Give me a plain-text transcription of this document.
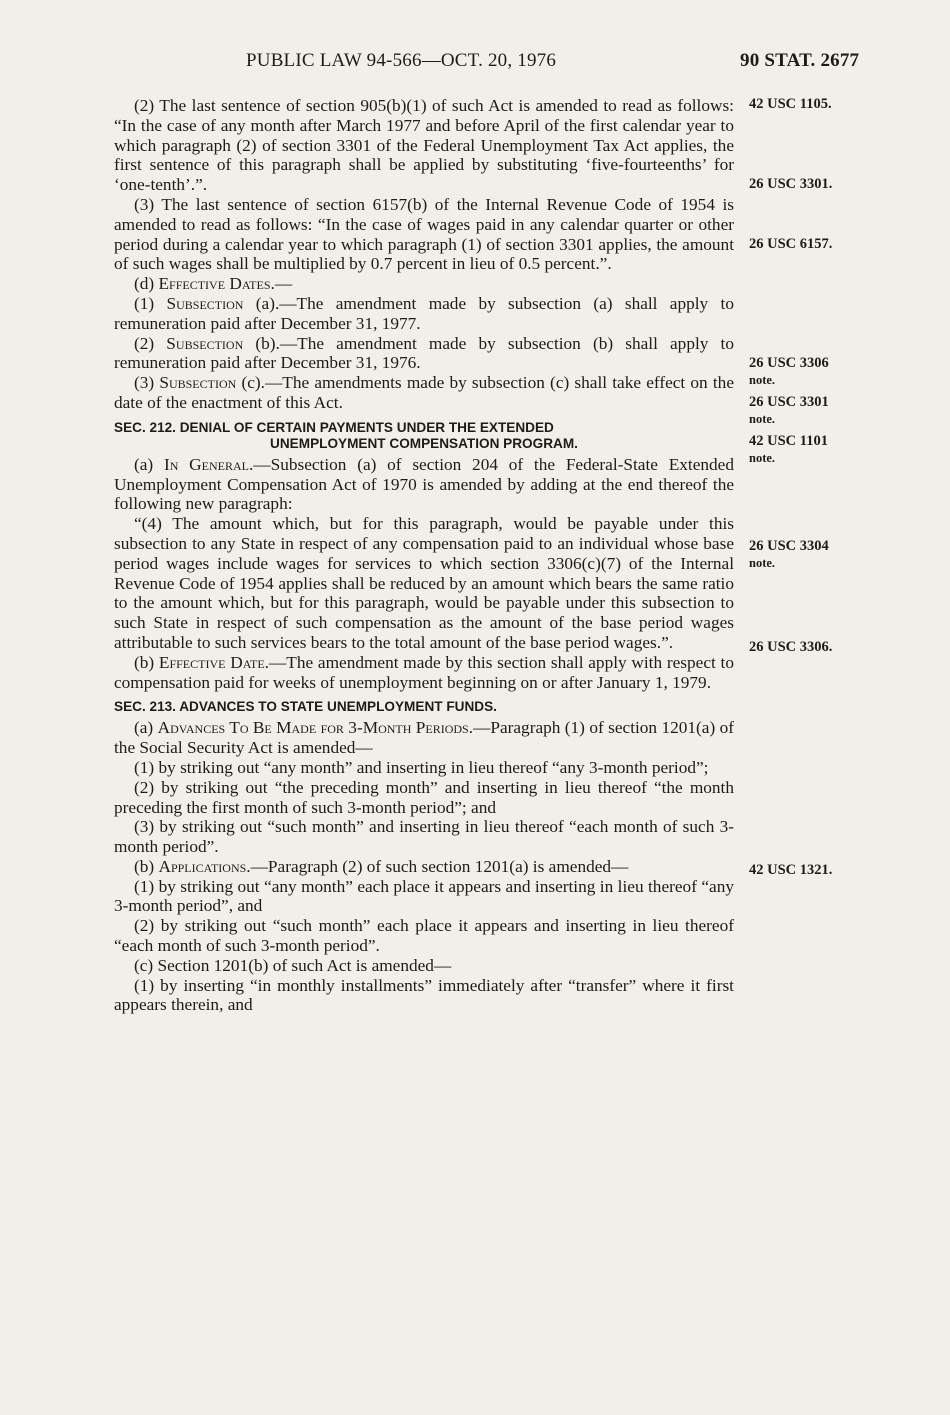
PUBLIC LAW 94-566—OCT. 20, 1976	90 STAT. 2677

(2) The last sentence of section 905(b)(1) of such Act is amended to read as follows: “In the case of any month after March 1977 and before April of the first calendar year to which paragraph (2) of section 3301 of the Federal Unemployment Tax Act applies, the first sentence of this paragraph shall be applied by substituting ‘five-fourteenths’ for ‘one-tenth’.”.

(3) The last sentence of section 6157(b) of the Internal Revenue Code of 1954 is amended to read as follows: “In the case of wages paid in any calendar quarter or other period during a calendar year to which paragraph (1) of section 3301 applies, the amount of such wages shall be multiplied by 0.7 percent in lieu of 0.5 percent.”.

(d) Effective Dates.—

(1) Subsection (a).—The amendment made by subsection (a) shall apply to remuneration paid after December 31, 1977.

(2) Subsection (b).—The amendment made by subsection (b) shall apply to remuneration paid after December 31, 1976.

(3) Subsection (c).—The amendments made by subsection (c) shall take effect on the date of the enactment of this Act.

SEC. 212. DENIAL OF CERTAIN PAYMENTS UNDER THE EXTENDED
UNEMPLOYMENT COMPENSATION PROGRAM.

(a) In General.—Subsection (a) of section 204 of the Federal-State Extended Unemployment Compensation Act of 1970 is amended by adding at the end thereof the following new paragraph:

“(4) The amount which, but for this paragraph, would be payable under this subsection to any State in respect of any compensation paid to an individual whose base period wages include wages for services to which section 3306(c)(7) of the Internal Revenue Code of 1954 applies shall be reduced by an amount which bears the same ratio to the amount which, but for this paragraph, would be payable under this subsection to such State in respect of such compensation as the amount of the base period wages attributable to such services bears to the total amount of the base period wages.”.

(b) Effective Date.—The amendment made by this section shall apply with respect to compensation paid for weeks of unemployment beginning on or after January 1, 1979.

SEC. 213. ADVANCES TO STATE UNEMPLOYMENT FUNDS.

(a) Advances To Be Made for 3-Month Periods.—Paragraph (1) of section 1201(a) of the Social Security Act is amended—

(1) by striking out “any month” and inserting in lieu thereof “any 3-month period”;

(2) by striking out “the preceding month” and inserting in lieu thereof “the month preceding the first month of such 3-month period”; and

(3) by striking out “such month” and inserting in lieu thereof “each month of such 3-month period”.

(b) Applications.—Paragraph (2) of such section 1201(a) is amended—

(1) by striking out “any month” each place it appears and inserting in lieu thereof “any 3-month period”, and

(2) by striking out “such month” each place it appears and inserting in lieu thereof “each month of such 3-month period”.

(c) Section 1201(b) of such Act is amended—

(1) by inserting “in monthly installments” immediately after “transfer” where it first appears therein, and

42 USC 1105.
26 USC 3301.
26 USC 6157.
26 USC 3306
note.
26 USC 3301
note.
42 USC 1101
note.
26 USC 3304
note.
26 USC 3306.
42 USC 1321.
